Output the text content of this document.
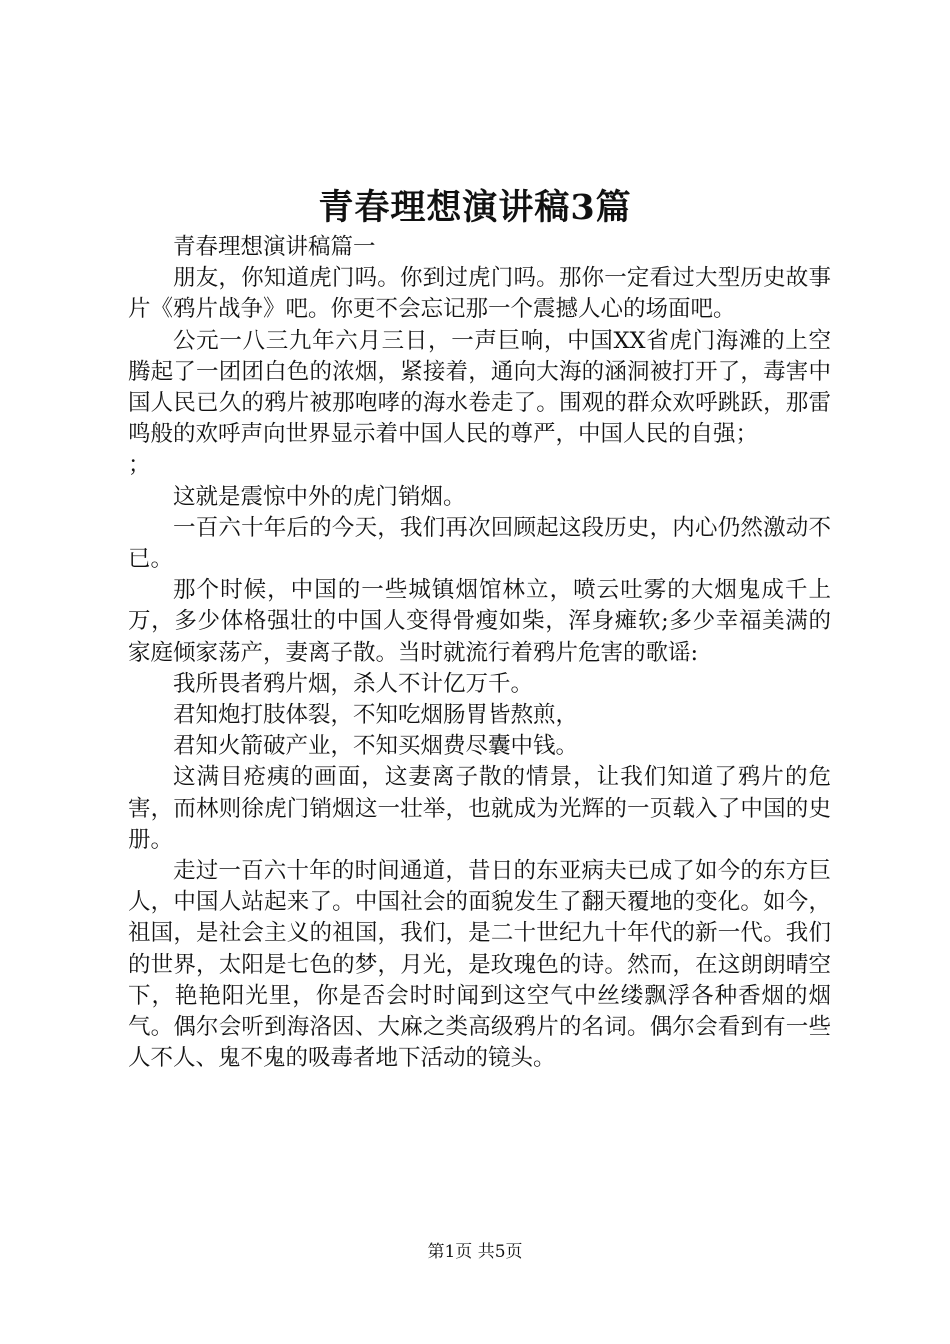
青春理想演讲稿3篇

青春理想演讲稿篇一

朋友，你知道虎门吗。你到过虎门吗。那你一定看过大型历史故事片《鸦片战争》吧。你更不会忘记那一个震撼人心的场面吧。

公元一八三九年六月三日，一声巨响，中国XX省虎门海滩的上空腾起了一团团白色的浓烟，紧接着，通向大海的涵洞被打开了，毒害中国人民已久的鸦片被那咆哮的海水卷走了。围观的群众欢呼跳跃，那雷鸣般的欢呼声向世界显示着中国人民的尊严，中国人民的自强；

；

这就是震惊中外的虎门销烟。

一百六十年后的今天，我们再次回顾起这段历史，内心仍然激动不已。

那个时候，中国的一些城镇烟馆林立，喷云吐雾的大烟鬼成千上万，多少体格强壮的中国人变得骨瘦如柴，浑身瘫软;多少幸福美满的家庭倾家荡产，妻离子散。当时就流行着鸦片危害的歌谣:

我所畏者鸦片烟，杀人不计亿万千。

君知炮打肢体裂，不知吃烟肠胃皆熬煎，

君知火箭破产业，不知买烟费尽囊中钱。

这满目疮痍的画面，这妻离子散的情景，让我们知道了鸦片的危害，而林则徐虎门销烟这一壮举，也就成为光辉的一页载入了中国的史册。

走过一百六十年的时间通道，昔日的东亚病夫已成了如今的东方巨人，中国人站起来了。中国社会的面貌发生了翻天覆地的变化。如今，祖国，是社会主义的祖国，我们，是二十世纪九十年代的新一代。我们的世界，太阳是七色的梦，月光，是玫瑰色的诗。然而，在这朗朗晴空下，艳艳阳光里，你是否会时时闻到这空气中丝缕飘浮各种香烟的烟气。偶尔会听到海洛因、大麻之类高级鸦片的名词。偶尔会看到有一些人不人、鬼不鬼的吸毒者地下活动的镜头。

第1页 共5页
